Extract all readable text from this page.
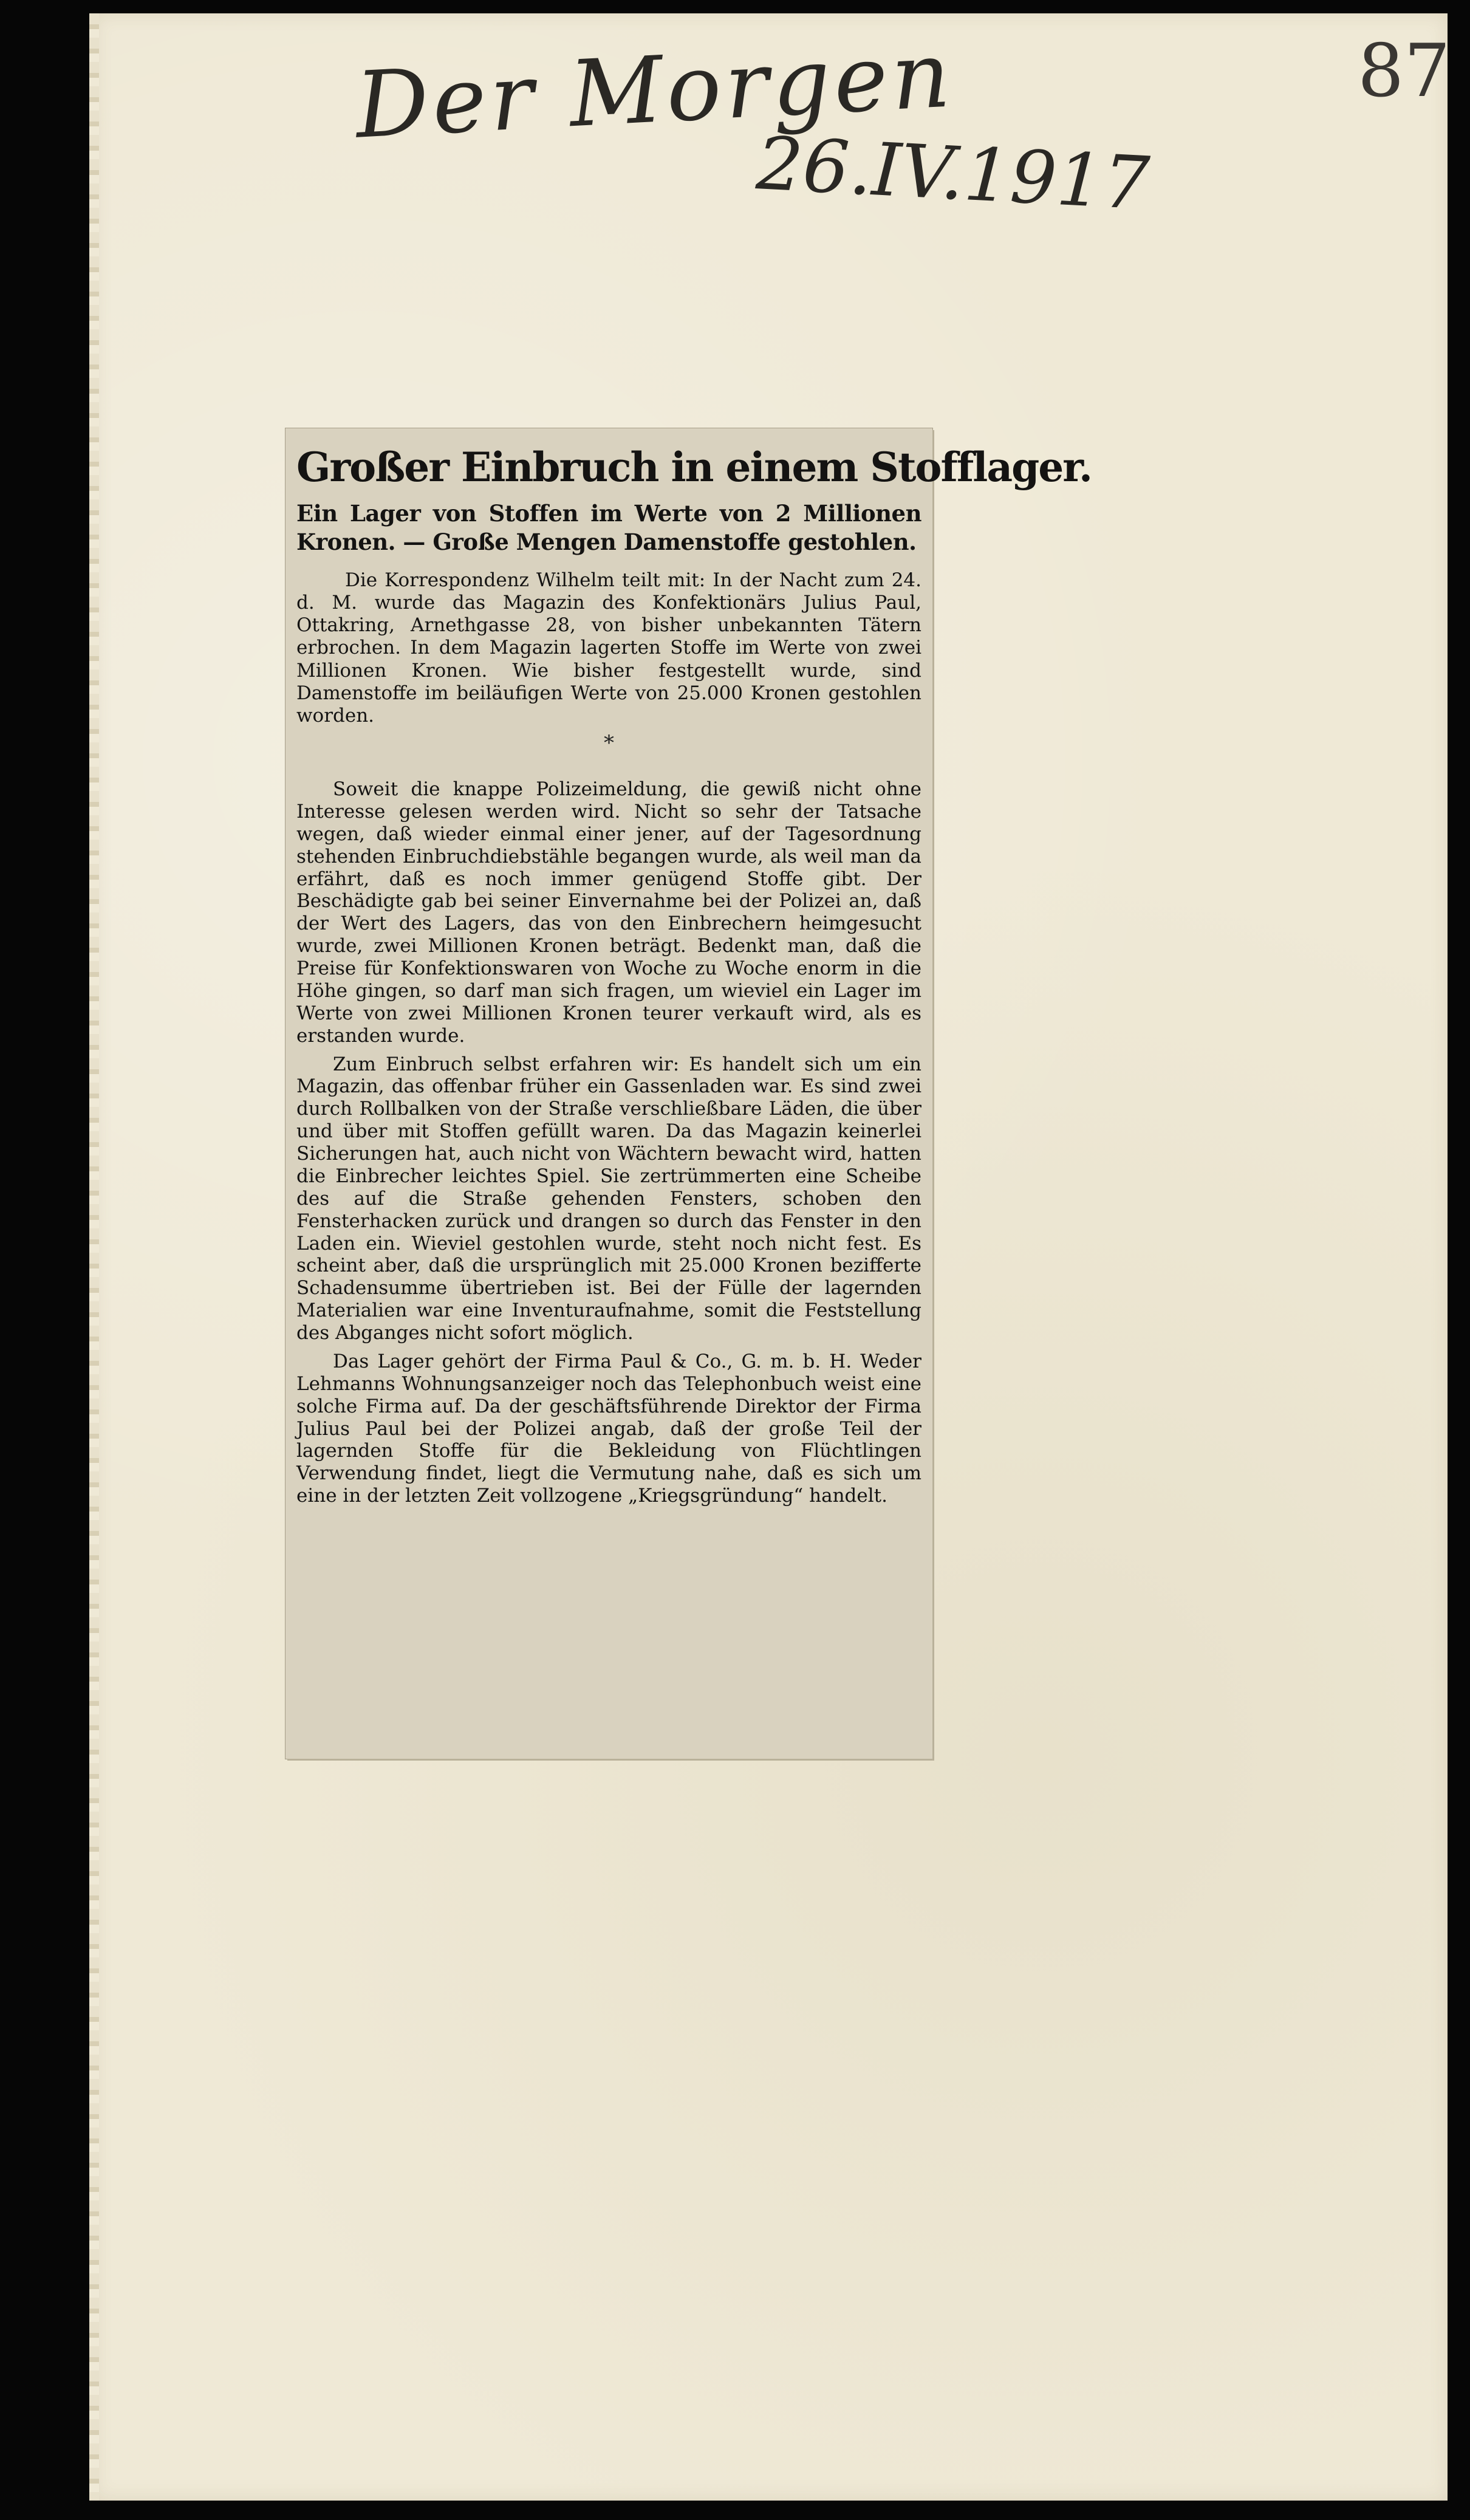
Der Morgen
26.IV.1917
87
Großer Einbruch in einem Stofflager.
Ein Lager von Stoffen im Werte von 2 Millionen Kronen. — Große Mengen Damenstoffe gestohlen.
Die Korrespondenz Wilhelm teilt mit: In der Nacht zum 24. d. M. wurde das Magazin des Konfektionärs Julius Paul, Ottakring, Arnethgasse 28, von bisher unbekannten Tätern erbrochen. In dem Magazin lagerten Stoffe im Werte von zwei Millionen Kronen. Wie bisher festgestellt wurde, sind Damenstoffe im beiläufigen Werte von 25.000 Kronen gestohlen worden.
*
Soweit die knappe Polizeimeldung, die gewiß nicht ohne Interesse gelesen werden wird. Nicht so sehr der Tatsache wegen, daß wieder einmal einer jener, auf der Tagesordnung stehenden Einbruchdiebstähle begangen wurde, als weil man da erfährt, daß es noch immer genügend Stoffe gibt. Der Beschädigte gab bei seiner Einvernahme bei der Polizei an, daß der Wert des Lagers, das von den Einbrechern heimgesucht wurde, zwei Millionen Kronen beträgt. Bedenkt man, daß die Preise für Konfektionswaren von Woche zu Woche enorm in die Höhe gingen, so darf man sich fragen, um wieviel ein Lager im Werte von zwei Millionen Kronen teurer verkauft wird, als es erstanden wurde.
Zum Einbruch selbst erfahren wir: Es handelt sich um ein Magazin, das offenbar früher ein Gassenladen war. Es sind zwei durch Rollbalken von der Straße verschließbare Läden, die über und über mit Stoffen gefüllt waren. Da das Magazin keinerlei Sicherungen hat, auch nicht von Wächtern bewacht wird, hatten die Einbrecher leichtes Spiel. Sie zertrümmerten eine Scheibe des auf die Straße gehenden Fensters, schoben den Fensterhacken zurück und drangen so durch das Fenster in den Laden ein. Wieviel gestohlen wurde, steht noch nicht fest. Es scheint aber, daß die ursprünglich mit 25.000 Kronen bezifferte Schadensumme übertrieben ist. Bei der Fülle der lagernden Materialien war eine Inventuraufnahme, somit die Feststellung des Abganges nicht sofort möglich.
Das Lager gehört der Firma Paul & Co., G. m. b. H. Weder Lehmanns Wohnungsanzeiger noch das Telephonbuch weist eine solche Firma auf. Da der geschäftsführende Direktor der Firma Julius Paul bei der Polizei angab, daß der große Teil der lagernden Stoffe für die Bekleidung von Flüchtlingen Verwendung findet, liegt die Vermutung nahe, daß es sich um eine in der letzten Zeit vollzogene „Kriegsgründung“ handelt.
